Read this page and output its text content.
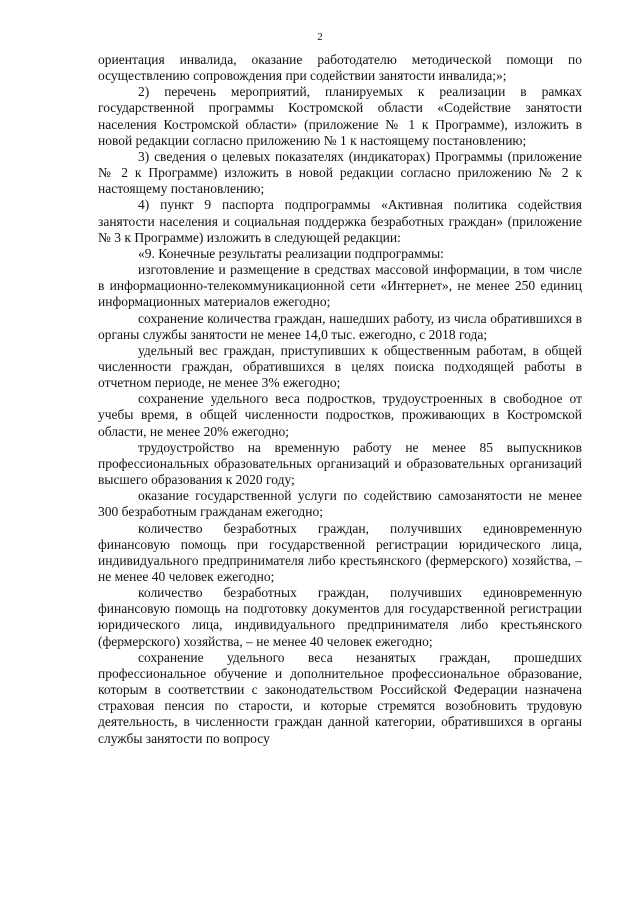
2

ориентация инвалида, оказание работодателю методической помощи по осуществлению сопровождения при содействии занятости инвалида;»;

2) перечень мероприятий, планируемых к реализации в рамках государственной программы Костромской области «Содействие занятости населения Костромской области» (приложение № 1 к Программе), изложить в новой редакции согласно приложению № 1 к настоящему постановлению;

3) сведения о целевых показателях (индикаторах) Программы (приложение № 2 к Программе) изложить в новой редакции согласно приложению № 2 к настоящему постановлению;

4) пункт 9 паспорта подпрограммы «Активная политика содействия занятости населения и социальная поддержка безработных граждан» (приложение № 3 к Программе) изложить в следующей редакции:

«9. Конечные результаты реализации подпрограммы:

изготовление и размещение в средствах массовой информации, в том числе в информационно-телекоммуникационной сети «Интернет», не менее 250 единиц информационных материалов ежегодно;

сохранение количества граждан, нашедших работу, из числа обратившихся в органы службы занятости не менее 14,0 тыс. ежегодно, с 2018 года;

удельный вес граждан, приступивших к общественным работам, в общей численности граждан, обратившихся в целях поиска подходящей работы в отчетном периоде, не менее 3% ежегодно;

сохранение удельного веса подростков, трудоустроенных в свободное от учебы время, в общей численности подростков, проживающих в Костромской области, не менее 20% ежегодно;

трудоустройство на временную работу не менее 85 выпускников профессиональных образовательных организаций и образовательных организаций высшего образования к 2020 году;

оказание государственной услуги по содействию самозанятости не менее 300 безработным гражданам ежегодно;

количество безработных граждан, получивших единовременную финансовую помощь при государственной регистрации юридического лица, индивидуального предпринимателя либо крестьянского (фермерского) хозяйства, – не менее 40 человек ежегодно;

количество безработных граждан, получивших единовременную финансовую помощь на подготовку документов для государственной регистрации юридического лица, индивидуального предпринимателя либо крестьянского (фермерского) хозяйства, – не менее 40 человек ежегодно;

сохранение удельного веса незанятых граждан, прошедших профессиональное обучение и дополнительное профессиональное образование, которым в соответствии с законодательством Российской Федерации назначена страховая пенсия по старости, и которые стремятся возобновить трудовую деятельность, в численности граждан данной категории, обратившихся в органы службы занятости по вопросу
